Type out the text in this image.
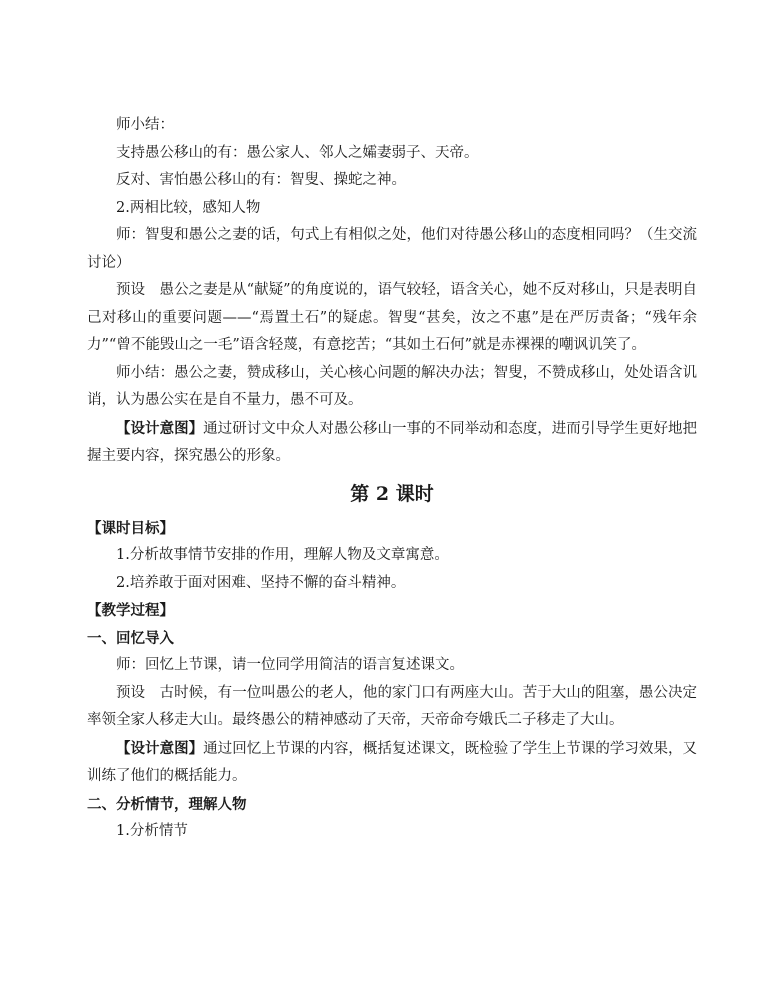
师小结：

支持愚公移山的有：愚公家人、邻人之孀妻弱子、天帝。

反对、害怕愚公移山的有：智叟、操蛇之神。

2.两相比较，感知人物

师：智叟和愚公之妻的话，句式上有相似之处，他们对待愚公移山的态度相同吗？（生交流讨论）

预设　愚公之妻是从“献疑”的角度说的，语气较轻，语含关心，她不反对移山，只是表明自己对移山的重要问题——“焉置土石”的疑虑。智叟“甚矣，汝之不惠”是在严厉责备；“残年余力”“曾不能毁山之一毛”语含轻蔑，有意挖苦；“其如土石何”就是赤裸裸的嘲讽讥笑了。

师小结：愚公之妻，赞成移山，关心核心问题的解决办法；智叟，不赞成移山，处处语含讥诮，认为愚公实在是自不量力，愚不可及。

【设计意图】通过研讨文中众人对愚公移山一事的不同举动和态度，进而引导学生更好地把握主要内容，探究愚公的形象。

第 2 课时

【课时目标】

1.分析故事情节安排的作用，理解人物及文章寓意。

2.培养敢于面对困难、坚持不懈的奋斗精神。

【教学过程】

一、回忆导入

师：回忆上节课，请一位同学用简洁的语言复述课文。

预设　古时候，有一位叫愚公的老人，他的家门口有两座大山。苦于大山的阻塞，愚公决定率领全家人移走大山。最终愚公的精神感动了天帝，天帝命夸娥氏二子移走了大山。

【设计意图】通过回忆上节课的内容，概括复述课文，既检验了学生上节课的学习效果，又训练了他们的概括能力。

二、分析情节，理解人物

1.分析情节
